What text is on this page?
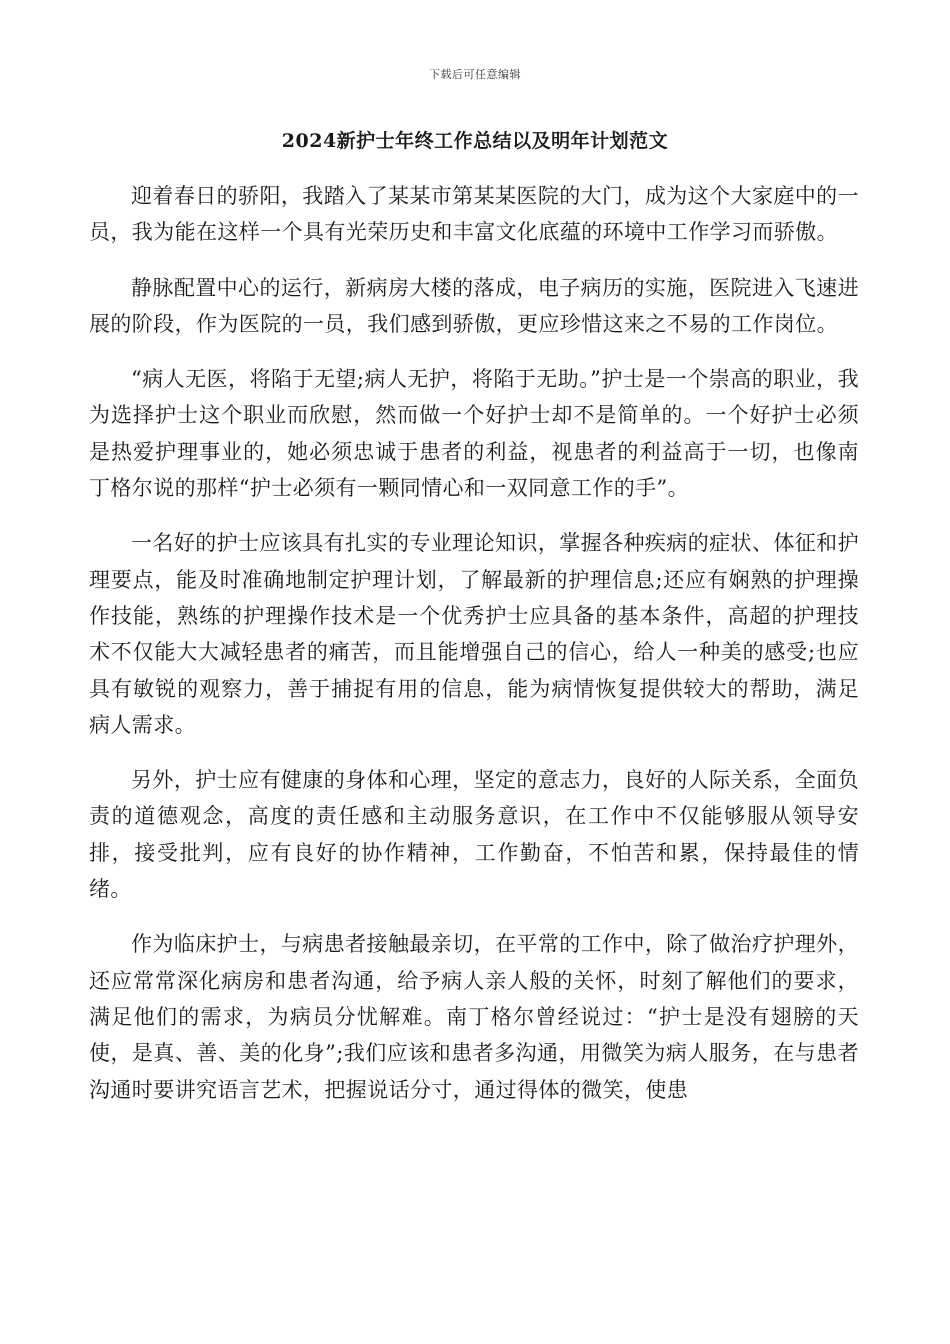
下载后可任意编辑
2024新护士年终工作总结以及明年计划范文

迎着春日的骄阳，我踏入了某某市第某某医院的大门，成为这个大家庭中的一员，我为能在这样一个具有光荣历史和丰富文化底蕴的环境中工作学习而骄傲。

静脉配置中心的运行，新病房大楼的落成，电子病历的实施，医院进入飞速进展的阶段，作为医院的一员，我们感到骄傲，更应珍惜这来之不易的工作岗位。

“病人无医，将陷于无望;病人无护，将陷于无助。”护士是一个崇高的职业，我为选择护士这个职业而欣慰，然而做一个好护士却不是简单的。一个好护士必须是热爱护理事业的，她必须忠诚于患者的利益，视患者的利益高于一切，也像南丁格尔说的那样“护士必须有一颗同情心和一双同意工作的手”。

一名好的护士应该具有扎实的专业理论知识，掌握各种疾病的症状、体征和护理要点，能及时准确地制定护理计划，了解最新的护理信息;还应有娴熟的护理操作技能，熟练的护理操作技术是一个优秀护士应具备的基本条件，高超的护理技术不仅能大大减轻患者的痛苦，而且能增强自己的信心，给人一种美的感受;也应具有敏锐的观察力，善于捕捉有用的信息，能为病情恢复提供较大的帮助，满足病人需求。

另外，护士应有健康的身体和心理，坚定的意志力，良好的人际关系，全面负责的道德观念，高度的责任感和主动服务意识，在工作中不仅能够服从领导安排，接受批判，应有良好的协作精神，工作勤奋，不怕苦和累，保持最佳的情绪。

作为临床护士，与病患者接触最亲切，在平常的工作中，除了做治疗护理外，还应常常深化病房和患者沟通，给予病人亲人般的关怀，时刻了解他们的要求，满足他们的需求，为病员分忧解难。南丁格尔曾经说过：“护士是没有翅膀的天使，是真、善、美的化身”;我们应该和患者多沟通，用微笑为病人服务，在与患者沟通时要讲究语言艺术，把握说话分寸，通过得体的微笑，使患
